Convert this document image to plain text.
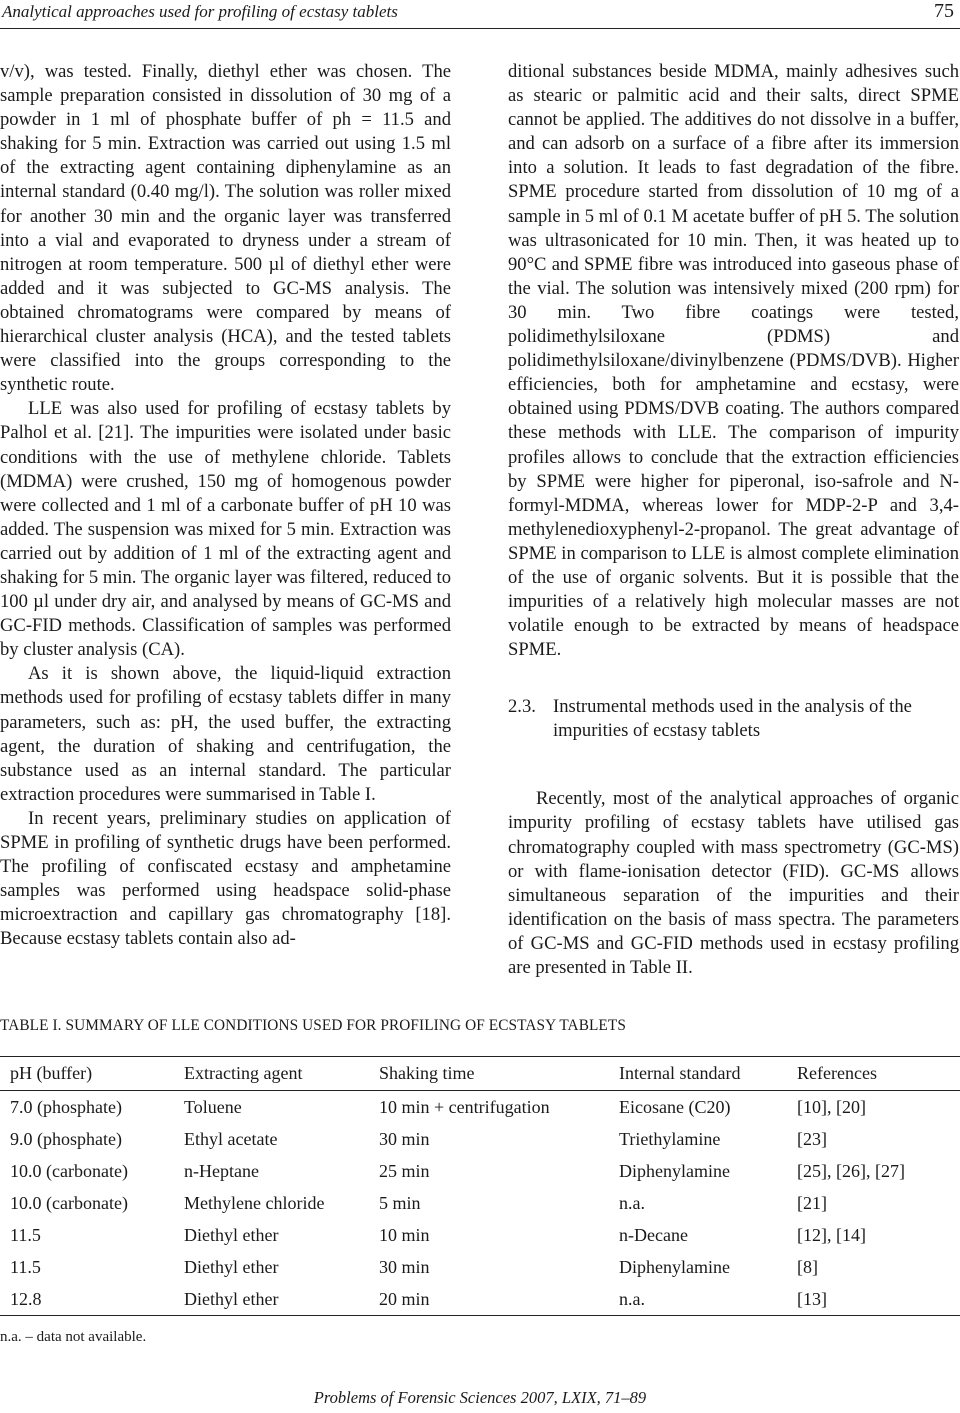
Analytical approaches used for profiling of ecstasy tablets	75

v/v), was tested. Finally, diethyl ether was chosen. The sample preparation consisted in dissolution of 30 mg of a powder in 1 ml of phosphate buffer of ph = 11.5 and shaking for 5 min. Extraction was carried out using 1.5 ml of the extracting agent containing diphenylamine as an internal standard (0.40 mg/l). The solution was roller mixed for another 30 min and the organic layer was transferred into a vial and evaporated to dryness under a stream of nitrogen at room temperature. 500 µl of diethyl ether were added and it was subjected to GC-MS analysis. The obtained chromatograms were compared by means of hierarchical cluster analysis (HCA), and the tested tablets were classified into the groups corresponding to the synthetic route.

LLE was also used for profiling of ecstasy tablets by Palhol et al. [21]. The impurities were isolated under basic conditions with the use of methylene chloride. Tablets (MDMA) were crushed, 150 mg of homogenous powder were collected and 1 ml of a carbonate buffer of pH 10 was added. The suspension was mixed for 5 min. Extraction was carried out by addition of 1 ml of the extracting agent and shaking for 5 min. The organic layer was filtered, reduced to 100 µl under dry air, and analysed by means of GC-MS and GC-FID methods. Classification of samples was performed by cluster analysis (CA).

As it is shown above, the liquid-liquid extraction methods used for profiling of ecstasy tablets differ in many parameters, such as: pH, the used buffer, the extracting agent, the duration of shaking and centrifugation, the substance used as an internal standard. The particular extraction procedures were summarised in Table I.

In recent years, preliminary studies on application of SPME in profiling of synthetic drugs have been performed. The profiling of confiscated ecstasy and amphetamine samples was performed using headspace solid-phase microextraction and capillary gas chromatography [18]. Because ecstasy tablets contain also ad-

ditional substances beside MDMA, mainly adhesives such as stearic or palmitic acid and their salts, direct SPME cannot be applied. The additives do not dissolve in a buffer, and can adsorb on a surface of a fibre after its immersion into a solution. It leads to fast degradation of the fibre. SPME procedure started from dissolution of 10 mg of a sample in 5 ml of 0.1 M acetate buffer of pH 5. The solution was ultrasonicated for 10 min. Then, it was heated up to 90°C and SPME fibre was introduced into gaseous phase of the vial. The solution was intensively mixed (200 rpm) for 30 min. Two fibre coatings were tested, polidimethylsiloxane (PDMS) and polidimethylsiloxane/divinylbenzene (PDMS/DVB). Higher efficiencies, both for amphetamine and ecstasy, were obtained using PDMS/DVB coating. The authors compared these methods with LLE. The comparison of impurity profiles allows to conclude that the extraction efficiencies by SPME were higher for piperonal, iso-safrole and N-formyl-MDMA, whereas lower for MDP-2-P and 3,4-methylenedioxyphenyl-2-propanol. The great advantage of SPME in comparison to LLE is almost complete elimination of the use of organic solvents. But it is possible that the impurities of a relatively high molecular masses are not volatile enough to be extracted by means of headspace SPME.

2.3. Instrumental methods used in the analysis of the impurities of ecstasy tablets

Recently, most of the analytical approaches of organic impurity profiling of ecstasy tablets have utilised gas chromatography coupled with mass spectrometry (GC-MS) or with flame-ionisation detector (FID). GC-MS allows simultaneous separation of the impurities and their identification on the basis of mass spectra. The parameters of GC-MS and GC-FID methods used in ecstasy profiling are presented in Table II.

TABLE I. SUMMARY OF LLE CONDITIONS USED FOR PROFILING OF ECSTASY TABLETS
pH (buffer)	Extracting agent	Shaking time	Internal standard	References
7.0 (phosphate)	Toluene	10 min + centrifugation	Eicosane (C20)	[10], [20]
9.0 (phosphate)	Ethyl acetate	30 min	Triethylamine	[23]
10.0 (carbonate)	n-Heptane	25 min	Diphenylamine	[25], [26], [27]
10.0 (carbonate)	Methylene chloride	5 min	n.a.	[21]
11.5	Diethyl ether	10 min	n-Decane	[12], [14]
11.5	Diethyl ether	30 min	Diphenylamine	[8]
12.8	Diethyl ether	20 min	n.a.	[13]
n.a. – data not available.
Problems of Forensic Sciences 2007, LXIX, 71–89
